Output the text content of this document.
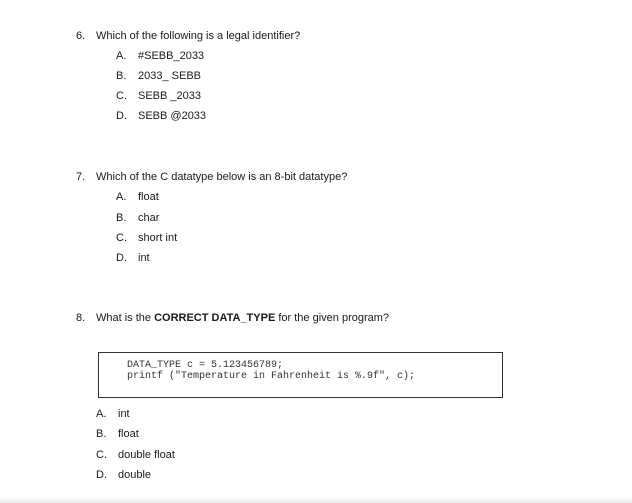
6. Which of the following is a legal identifier?
A. #SEBB_2033
B. 2033_ SEBB
C. SEBB _2033
D. SEBB @2033
7. Which of the C datatype below is an 8-bit datatype?
A. float
B. char
C. short int
D. int
8. What is the CORRECT DATA_TYPE for the given program?
DATA_TYPE c = 5.123456789;
printf ("Temperature in Fahrenheit is %.9f", c);
A. int
B. float
C. double float
D. double
